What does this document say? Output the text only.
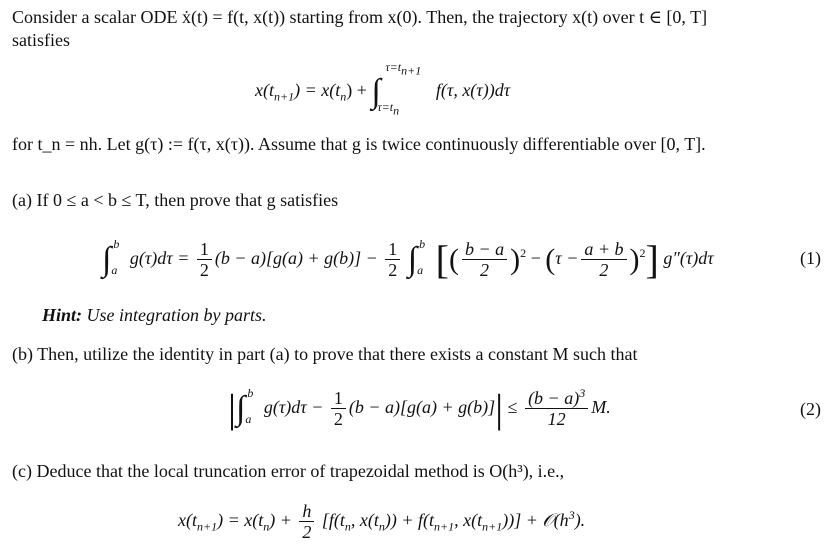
Consider a scalar ODE ẋ(t) = f(t, x(t)) starting from x(0). Then, the trajectory x(t) over t ∈ [0, T]
satisfies
$x(t_{n+1}) = x(t_n)$ + ∫
$\tau=t_{n+1}$
$\tau=t_n$
f(τ, x(τ))dτ
for t_n = nh. Let g(τ) := f(τ, x(τ)). Assume that g is twice continuously differentiable over [0, T].
(a) If 0 ≤ a < b ≤ T, then prove that g satisfies
∫ $^b_a$ $g(\tau)d\tau = \frac{1}{2} (b - a)[g(a) + g(b)] - \frac{1}{2}$ ∫ $^b_a$ [( $\frac{b - a}{2} )^2 - (\tau - \frac{a + b}{2} )^2$] g″(τ)dτ	(1)
Hint: Use integration by parts.
(b) Then, utilize the identity in part (a) to prove that there exists a constant M such that
|∫ $^b_a$ $g(\tau)d\tau - \frac{1}{2} (b - a)[g(a) + g(b)]| \le \frac{(b - a)^3}{12} M$.	(2)
(c) Deduce that the local truncation error of trapezoidal method is O(h³), i.e.,
$x(t_{n+1}) = x(t_n) + \frac{h}{2} [f(t_n$, $x(t_n)) + f(t_{n+1}$, $x(t_{n+1})$)] + $𝒪(h^3)$.
